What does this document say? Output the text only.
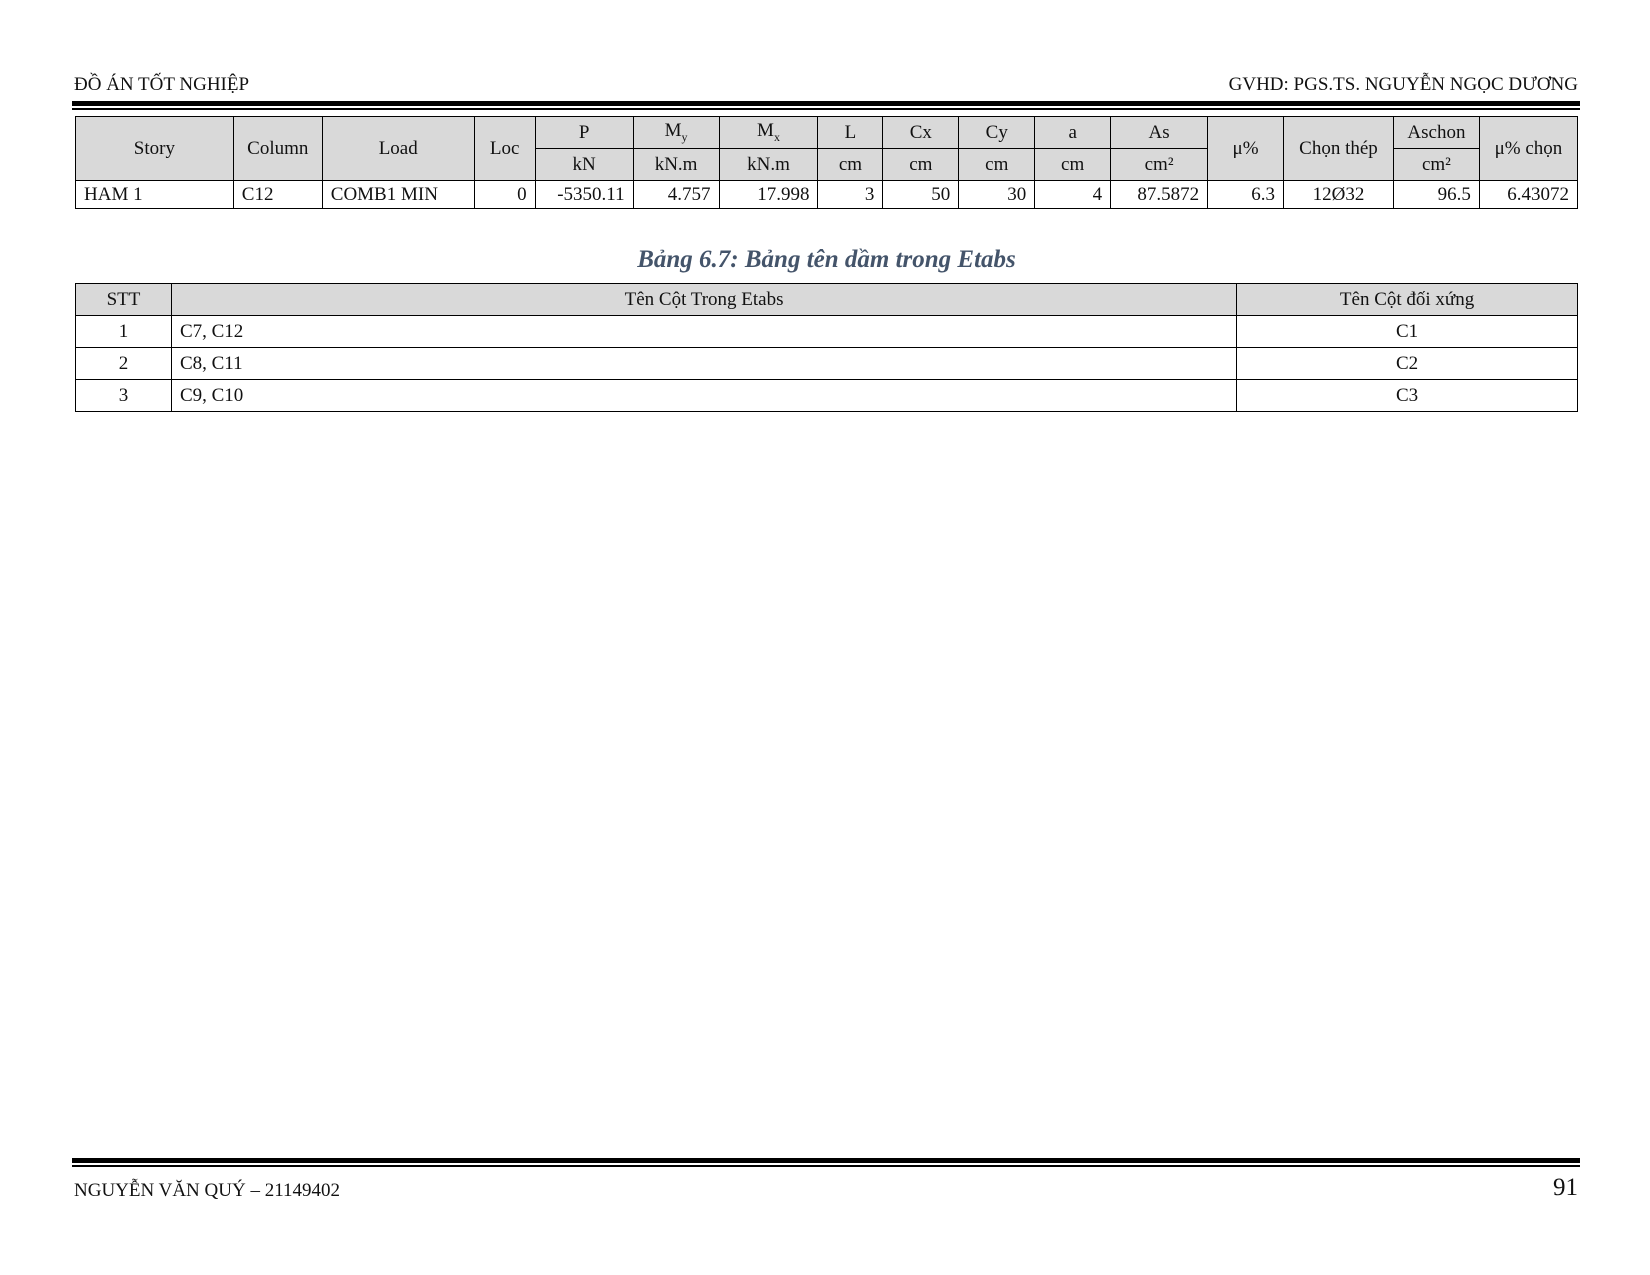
ĐỒ ÁN TỐT NGHIỆP	GVHD: PGS.TS. NGUYỄN NGỌC DƯƠNG
Story	Column	Load	Loc	P	$M_y$	$M_x$	L	Cx	Cy	a	As	μ%	Chọn thép	Aschon	μ% chọn
				kN	kN.m	kN.m	cm	cm	cm	cm	cm²			cm²	
HAM 1	C12	COMB1 MIN	0	-5350.11	4.757	17.998	3	50	30	4	87.5872	6.3	12Ø32	96.5	6.43072
Bảng 6.7: Bảng tên dầm trong Etabs
STT	Tên Cột Trong Etabs	Tên Cột đối xứng
1	C7, C12	C1
2	C8, C11	C2
3	C9, C10	C3
NGUYỄN VĂN QUÝ – 21149402	91
